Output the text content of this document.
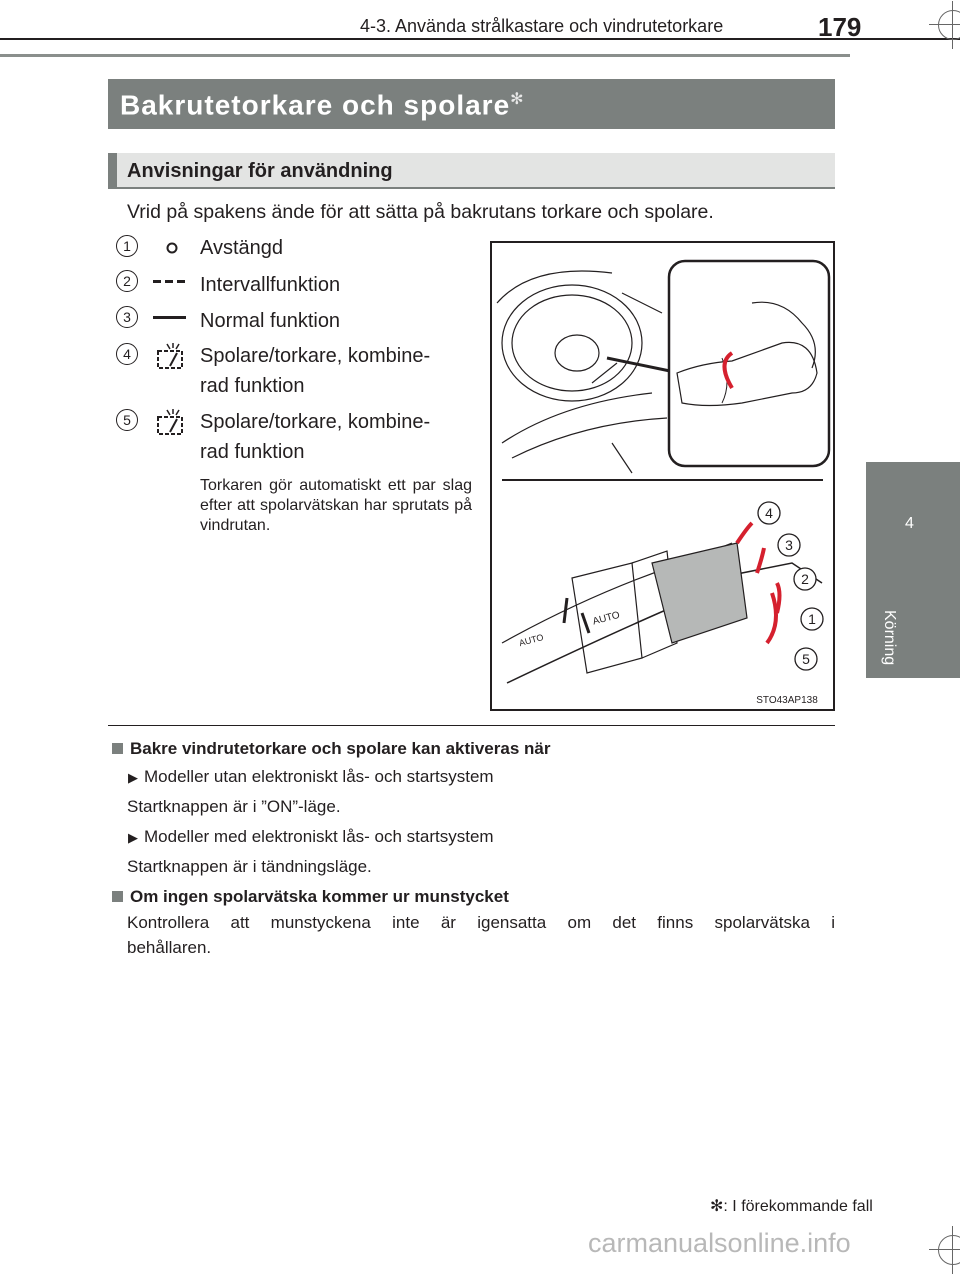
4-3. Använda strålkastare och vindrutetorkare	179
4
Körning
Bakrutetorkare och spolare✻
Anvisningar för användning
Vrid på spakens ände för att sätta på bakrutans torkare och spolare.
1	Avstängd
2	Intervallfunktion
3	Normal funktion
4	Spolare/torkare, kombine-
rad funktion
5	Spolare/torkare, kombine-
rad funktion
Torkaren gör automatiskt ett par slag efter att spolarvätskan har sprutats på vindrutan.
4
3
2
1
5
AUTO
AUTO
STO43AP138
Bakre vindrutetorkare och spolare kan aktiveras när
▶ Modeller utan elektroniskt lås- och startsystem
Startknappen är i ”ON”-läge.
▶ Modeller med elektroniskt lås- och startsystem
Startknappen är i tändningsläge.
Om ingen spolarvätska kommer ur munstycket
Kontrollera att munstyckena inte är igensatta om det finns spolarvätska i
behållaren.
✻: I förekommande fall
carmanualsonline.info
